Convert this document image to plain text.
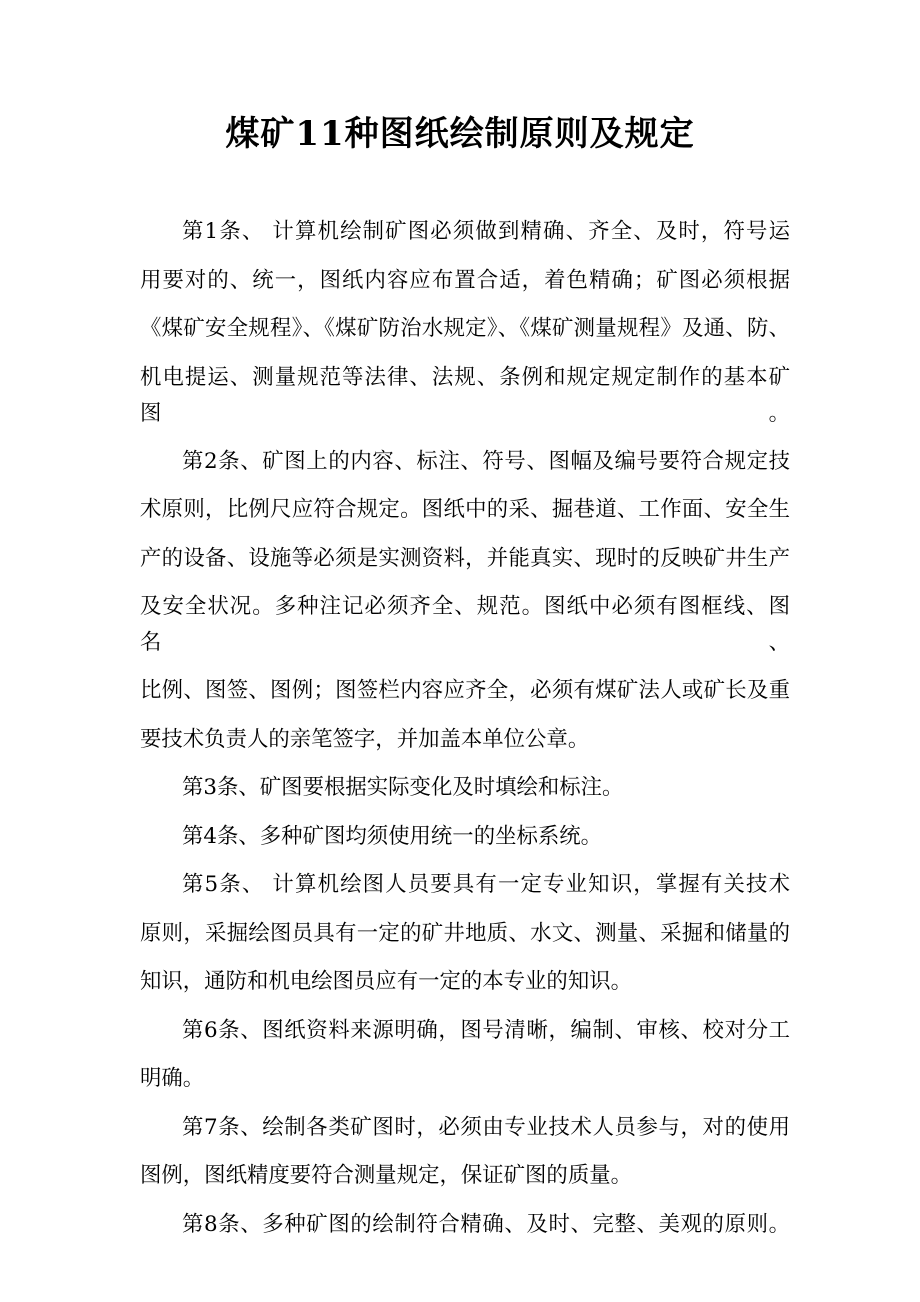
煤矿11种图纸绘制原则及规定
第1条、 计算机绘制矿图必须做到精确、齐全、及时，符号运
用要对的、统一，图纸内容应布置合适，着色精确；矿图必须根据
《煤矿安全规程》、《煤矿防治水规定》、《煤矿测量规程》及通、防、
机电提运、测量规范等法律、法规、条例和规定规定制作的基本矿图。
第2条、矿图上的内容、标注、符号、图幅及编号要符合规定技
术原则，比例尺应符合规定。图纸中的采、掘巷道、工作面、安全生
产的设备、设施等必须是实测资料，并能真实、现时的反映矿井生产
及安全状况。多种注记必须齐全、规范。图纸中必须有图框线、图名、
比例、图签、图例；图签栏内容应齐全，必须有煤矿法人或矿长及重
要技术负责人的亲笔签字，并加盖本单位公章。
第3条、矿图要根据实际变化及时填绘和标注。
第4条、多种矿图均须使用统一的坐标系统。
第5条、 计算机绘图人员要具有一定专业知识，掌握有关技术
原则，采掘绘图员具有一定的矿井地质、水文、测量、采掘和储量的
知识，通防和机电绘图员应有一定的本专业的知识。
第6条、图纸资料来源明确，图号清晰，编制、审核、校对分工
明确。
第7条、绘制各类矿图时，必须由专业技术人员参与，对的使用
图例，图纸精度要符合测量规定，保证矿图的质量。
第8条、多种矿图的绘制符合精确、及时、完整、美观的原则。
